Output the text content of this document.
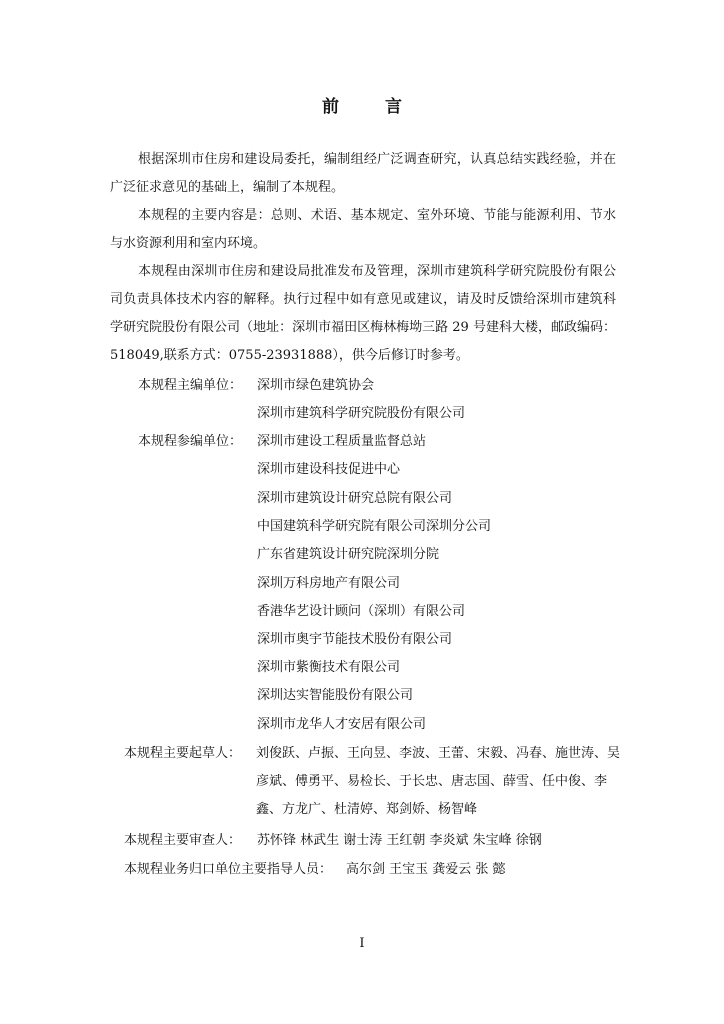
前 言

根据深圳市住房和建设局委托，编制组经广泛调查研究，认真总结实践经验，并在广泛征求意见的基础上，编制了本规程。

本规程的主要内容是：总则、术语、基本规定、室外环境、节能与能源利用、节水与水资源利用和室内环境。

本规程由深圳市住房和建设局批准发布及管理，深圳市建筑科学研究院股份有限公司负责具体技术内容的解释。执行过程中如有意见或建议，请及时反馈给深圳市建筑科学研究院股份有限公司（地址：深圳市福田区梅林梅坳三路 29 号建科大楼，邮政编码：518049,联系方式：0755-23931888），供今后修订时参考。

本规程主编单位： 深圳市绿色建筑协会
深圳市建筑科学研究院股份有限公司
本规程参编单位： 深圳市建设工程质量监督总站
深圳市建设科技促进中心
深圳市建筑设计研究总院有限公司
中国建筑科学研究院有限公司深圳分公司
广东省建筑设计研究院深圳分院
深圳万科房地产有限公司
香港华艺设计顾问（深圳）有限公司
深圳市奥宇节能技术股份有限公司
深圳市紫衡技术有限公司
深圳达实智能股份有限公司
深圳市龙华人才安居有限公司
本规程主要起草人： 刘俊跃、卢振、王向昱、李波、王蕾、宋毅、冯春、施世涛、吴彦斌、傅勇平、易检长、于长忠、唐志国、薛雪、任中俊、李鑫、方龙广、杜清婷、郑剑娇、杨智峰

本规程主要审查人： 苏怀锋 林武生 谢士涛 王红朝 李炎斌 朱宝峰 徐钢
本规程业务归口单位主要指导人员： 高尔剑 王宝玉 龚爱云 张 懿
I
